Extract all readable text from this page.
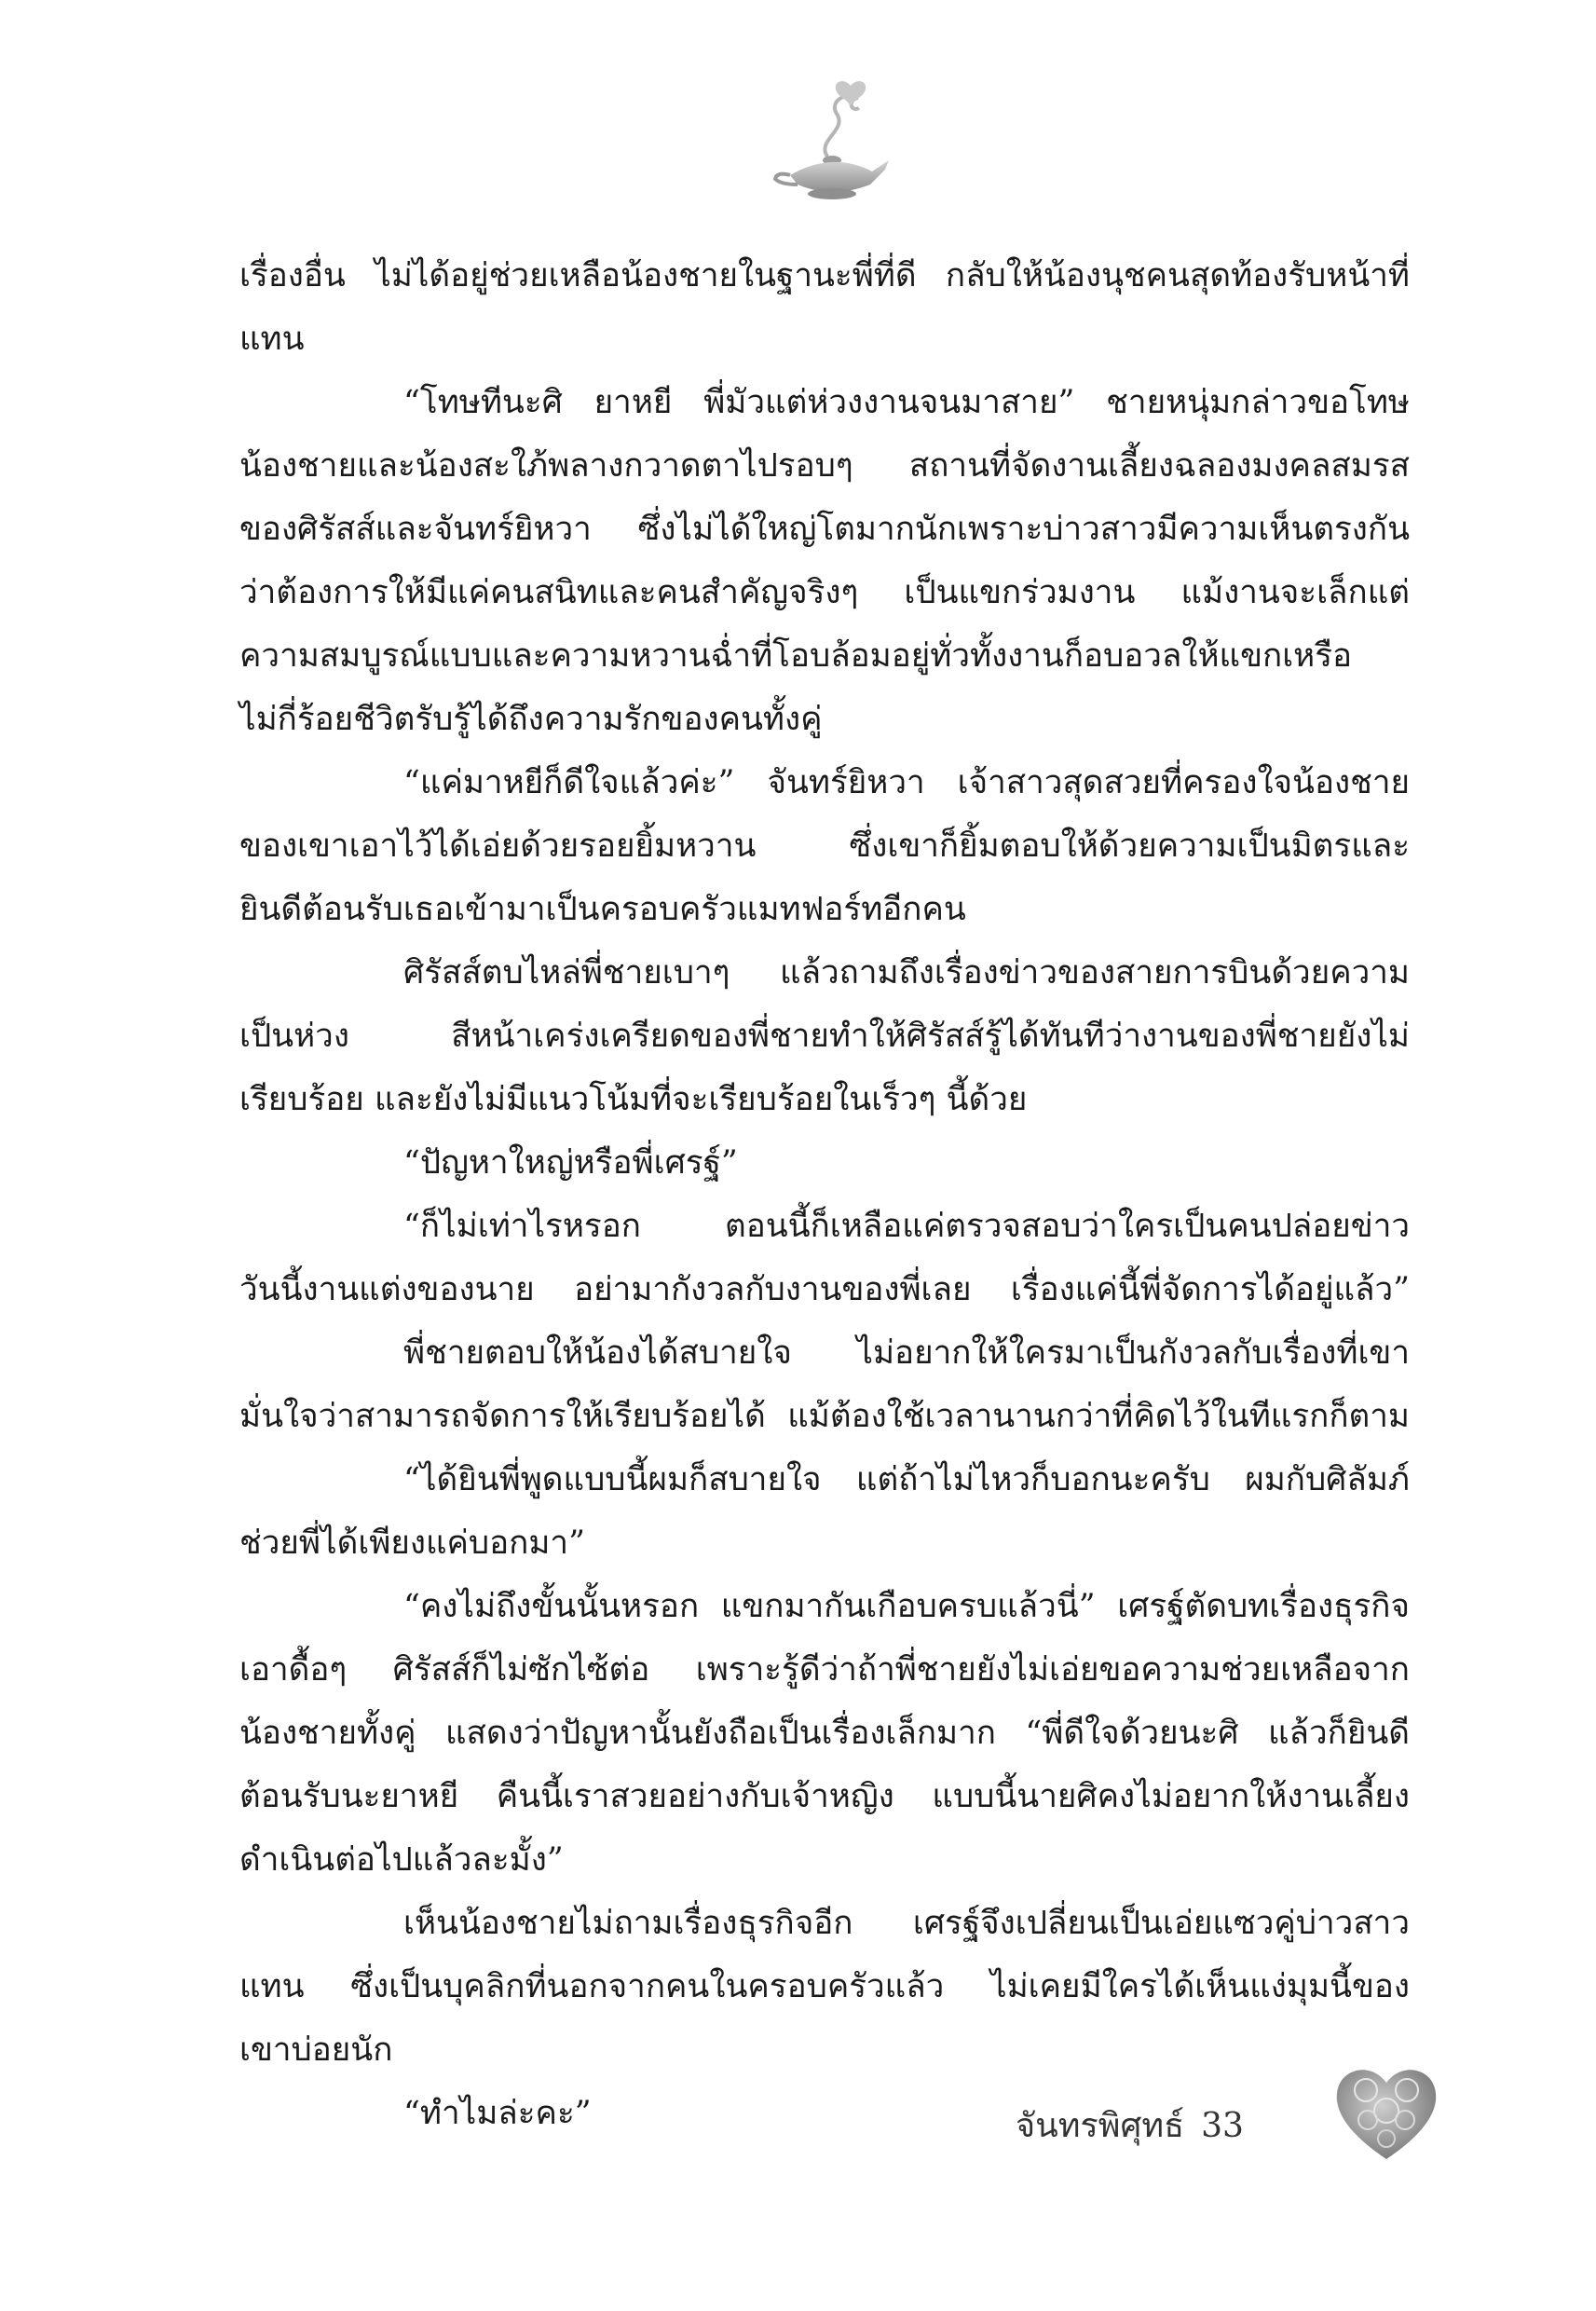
เรื่องอื่น ไม่ได้อยู่ช่วยเหลือน้องชายในฐานะพี่ที่ดี กลับให้น้องนุชคนสุดท้องรับหน้าที่
แทน
“โทษทีนะศิ ยาหยี พี่มัวแต่ห่วงงานจนมาสาย” ชายหนุ่มกล่าวขอโทษ
น้องชายและน้องสะใภ้พลางกวาดตาไปรอบๆ สถานที่จัดงานเลี้ยงฉลองมงคลสมรส
ของศิรัสส์และจันทร์ยิหวา ซึ่งไม่ได้ใหญ่โตมากนักเพราะบ่าวสาวมีความเห็นตรงกัน
ว่าต้องการให้มีแค่คนสนิทและคนสำคัญจริงๆ เป็นแขกร่วมงาน แม้งานจะเล็กแต่
ความสมบูรณ์แบบและความหวานฉ่ำที่โอบล้อมอยู่ทั่วทั้งงานก็อบอวลให้แขกเหรือ
ไม่กี่ร้อยชีวิตรับรู้ได้ถึงความรักของคนทั้งคู่
“แค่มาหยีก็ดีใจแล้วค่ะ” จันทร์ยิหวา เจ้าสาวสุดสวยที่ครองใจน้องชาย
ของเขาเอาไว้ได้เอ่ยด้วยรอยยิ้มหวาน ซึ่งเขาก็ยิ้มตอบให้ด้วยความเป็นมิตรและ
ยินดีต้อนรับเธอเข้ามาเป็นครอบครัวแมทฟอร์ทอีกคน
ศิรัสส์ตบไหล่พี่ชายเบาๆ แล้วถามถึงเรื่องข่าวของสายการบินด้วยความ
เป็นห่วง สีหน้าเคร่งเครียดของพี่ชายทำให้ศิรัสส์รู้ได้ทันทีว่างานของพี่ชายยังไม่
เรียบร้อย และยังไม่มีแนวโน้มที่จะเรียบร้อยในเร็วๆ นี้ด้วย
“ปัญหาใหญ่หรือพี่เศรฐ์”
“ก็ไม่เท่าไรหรอก ตอนนี้ก็เหลือแค่ตรวจสอบว่าใครเป็นคนปล่อยข่าว
วันนี้งานแต่งของนาย อย่ามากังวลกับงานของพี่เลย เรื่องแค่นี้พี่จัดการได้อยู่แล้ว”
พี่ชายตอบให้น้องได้สบายใจ ไม่อยากให้ใครมาเป็นกังวลกับเรื่องที่เขา
มั่นใจว่าสามารถจัดการให้เรียบร้อยได้ แม้ต้องใช้เวลานานกว่าที่คิดไว้ในทีแรกก็ตาม
“ได้ยินพี่พูดแบบนี้ผมก็สบายใจ แต่ถ้าไม่ไหวก็บอกนะครับ ผมกับศิลัมภ์
ช่วยพี่ได้เพียงแค่บอกมา”
“คงไม่ถึงขั้นนั้นหรอก แขกมากันเกือบครบแล้วนี่” เศรฐ์ตัดบทเรื่องธุรกิจ
เอาดื้อๆ ศิรัสส์ก็ไม่ซักไซ้ต่อ เพราะรู้ดีว่าถ้าพี่ชายยังไม่เอ่ยขอความช่วยเหลือจาก
น้องชายทั้งคู่ แสดงว่าปัญหานั้นยังถือเป็นเรื่องเล็กมาก “พี่ดีใจด้วยนะศิ แล้วก็ยินดี
ต้อนรับนะยาหยี คืนนี้เราสวยอย่างกับเจ้าหญิง แบบนี้นายศิคงไม่อยากให้งานเลี้ยง
ดำเนินต่อไปแล้วละมั้ง”
เห็นน้องชายไม่ถามเรื่องธุรกิจอีก เศรฐ์จึงเปลี่ยนเป็นเอ่ยแซวคู่บ่าวสาว
แทน ซึ่งเป็นบุคลิกที่นอกจากคนในครอบครัวแล้ว ไม่เคยมีใครได้เห็นแง่มุมนี้ของ
เขาบ่อยนัก
“ทำไมล่ะคะ”	จันทรพิศุทธ์ 33
